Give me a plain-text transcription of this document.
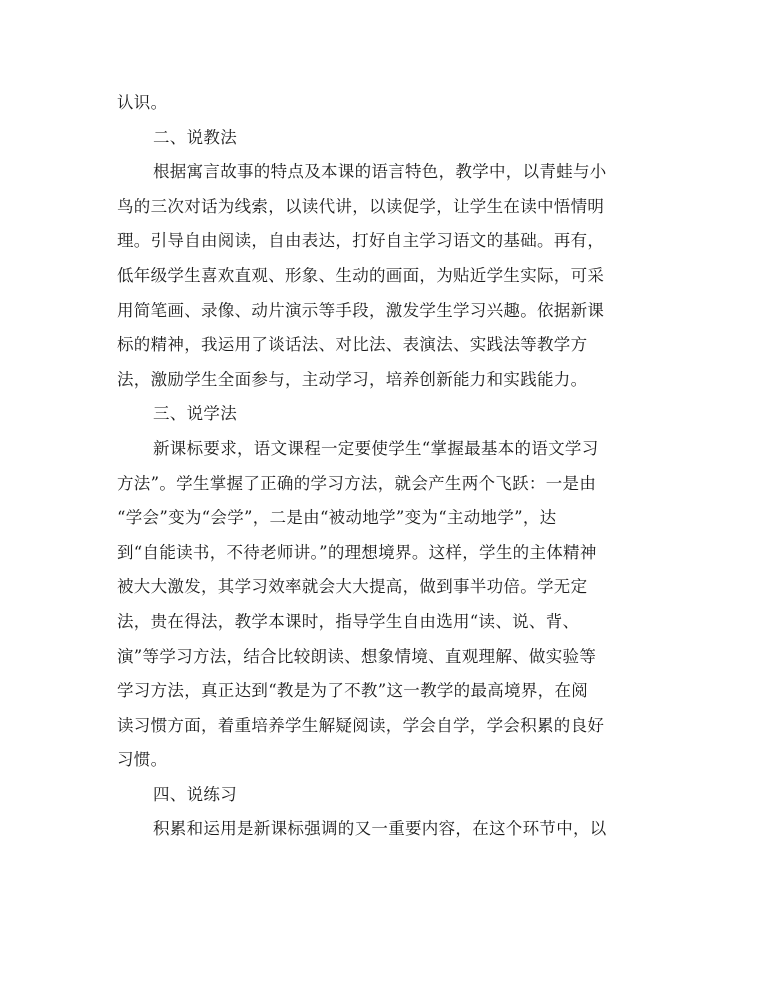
认识。
二、说教法
根据寓言故事的特点及本课的语言特色，教学中，以青蛙与小
鸟的三次对话为线索，以读代讲，以读促学，让学生在读中悟情明
理。引导自由阅读，自由表达，打好自主学习语文的基础。再有，
低年级学生喜欢直观、形象、生动的画面，为贴近学生实际，可采
用简笔画、录像、动片演示等手段，激发学生学习兴趣。依据新课
标的精神，我运用了谈话法、对比法、表演法、实践法等教学方
法，激励学生全面参与，主动学习，培养创新能力和实践能力。
三、说学法
新课标要求，语文课程一定要使学生“掌握最基本的语文学习
方法”。学生掌握了正确的学习方法，就会产生两个飞跃：一是由
“学会”变为“会学”，二是由“被动地学”变为“主动地学”，达
到“自能读书，不待老师讲。”的理想境界。这样，学生的主体精神
被大大激发，其学习效率就会大大提高，做到事半功倍。学无定
法，贵在得法，教学本课时，指导学生自由选用“读、说、背、
演”等学习方法，结合比较朗读、想象情境、直观理解、做实验等
学习方法，真正达到“教是为了不教”这一教学的最高境界，在阅
读习惯方面，着重培养学生解疑阅读，学会自学，学会积累的良好
习惯。
四、说练习
积累和运用是新课标强调的又一重要内容，在这个环节中，以
